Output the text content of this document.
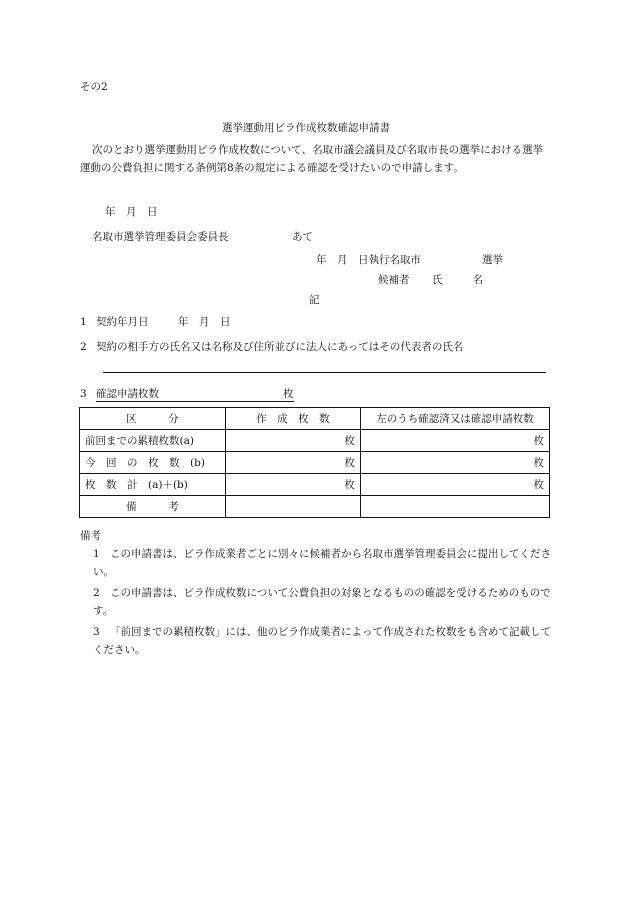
その2
選挙運動用ビラ作成枚数確認申請書
次のとおり選挙運動用ビラ作成枚数について、名取市議会議員及び名取市長の選挙における選挙運動の公費負担に関する条例第8条の規定による確認を受けたいので申請します。
年　月　日
名取市選挙管理委員会委員長	あて
年　月　日執行名取市	選挙
候補者 氏　　名
記
1 契約年月日	年　月　日
2 契約の相手方の氏名又は名称及び住所並びに法人にあってはその代表者の氏名
3 確認申請枚数	枚
区　　　分	作　成　枚　数	左のうち確認済又は確認申請枚数
前回までの累積枚数(a)	枚	枚
今　回　の　枚　数　(b)	枚	枚
枚　数　計　(a)＋(b)	枚	枚
備　　　考		
備考
1 この申請書は、ビラ作成業者ごとに別々に候補者から名取市選挙管理委員会に提出してください。
2 この申請書は、ビラ作成枚数について公費負担の対象となるものの確認を受けるためのものです。
3 「前回までの累積枚数」には、他のビラ作成業者によって作成された枚数をも含めて記載してください。
